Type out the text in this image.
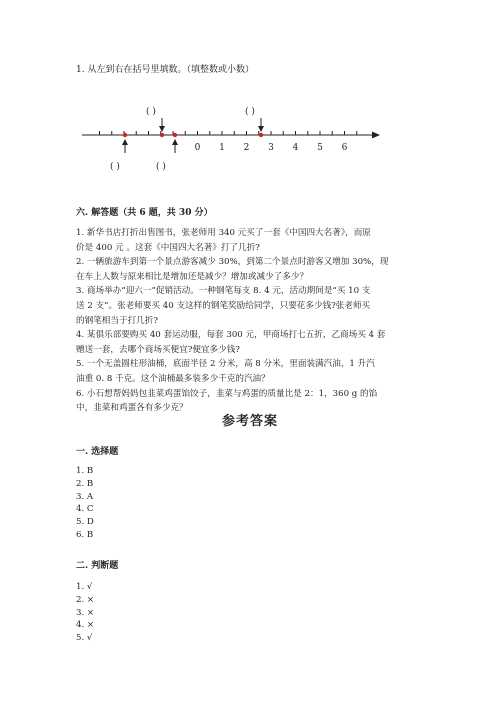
1. 从左到右在括号里填数。（填整数或小数）
( )	( )
( )	( )
0 1 2 3 4 5 6
六. 解答题（共 6 题，共 30 分）
1. 新华书店打折出售图书，张老师用 340 元买了一套《中国四大名著》，而原
价是 400 元 。这套《中国四大名著》打了几折?
2. 一辆旅游车到第一个景点游客减少 30%，到第二个景点时游客又增加 30%，现
在车上人数与原来相比是增加还是减少？增加或减少了多少？
3. 商场举办“迎六一”促销活动。一种钢笔每支 8. 4 元，活动期间是“买 10 支
送 2 支”。张老师要买 40 支这样的钢笔奖励给同学，只要花多少钱?张老师买
的钢笔相当于打几折?
4. 某俱乐部要购买 40 套运动服，每套 300 元，甲商场打七五折，乙商场买 4 套
赠送一套，去哪个商场买便宜?便宜多少钱?
5. 一个无盖圆柱形油桶，底面半径 2 分米，高 8 分米，里面装满汽油，1 升汽
油重 0. 8 千克。这个油桶最多装多少千克的汽油？
6. 小石想帮妈妈包韭菜鸡蛋馅饺子，韭菜与鸡蛋的质量比是 2：1，360 g 的馅
中，韭菜和鸡蛋各有多少克？
参考答案
一. 选择题
1. B
2. B
3. A
4. C
5. D
6. B
二. 判断题
1. √
2. ×
3. ×
4. ×
5. √
